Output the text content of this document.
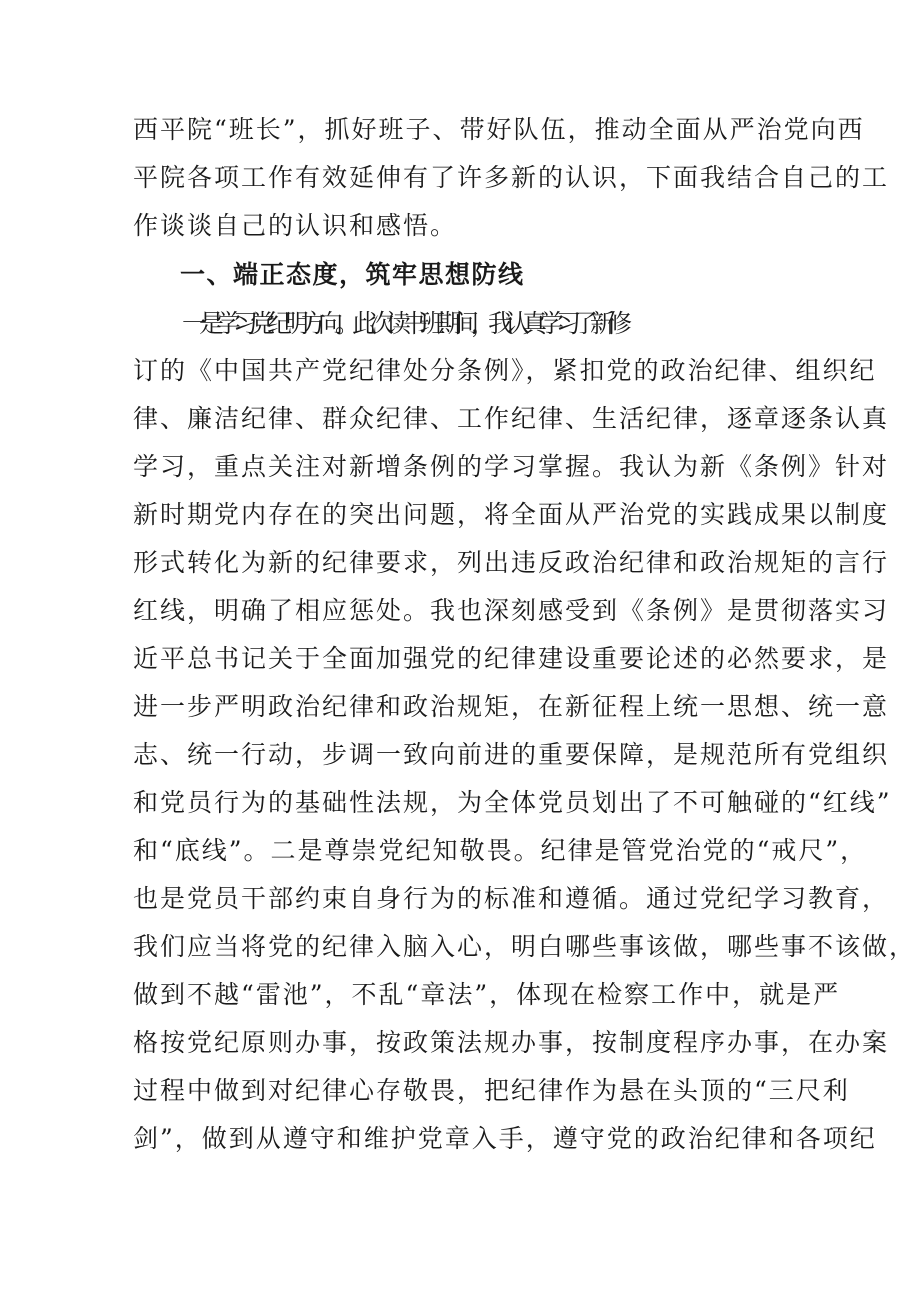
西平院“班长”，抓好班子、带好队伍，推动全面从严治党向西
平院各项工作有效延伸有了许多新的认识，下面我结合自己的工
作谈谈自己的认识和感悟。
一、端正态度，筑牢思想防线
一是学习党纪明方向。此次读书班期间，我认真学习了新修
订的《中国共产党纪律处分条例》，紧扣党的政治纪律、组织纪
律、廉洁纪律、群众纪律、工作纪律、生活纪律，逐章逐条认真
学习，重点关注对新增条例的学习掌握。我认为新《条例》针对
新时期党内存在的突出问题，将全面从严治党的实践成果以制度
形式转化为新的纪律要求，列出违反政治纪律和政治规矩的言行
红线，明确了相应惩处。我也深刻感受到《条例》是贯彻落实习
近平总书记关于全面加强党的纪律建设重要论述的必然要求，是
进一步严明政治纪律和政治规矩，在新征程上统一思想、统一意
志、统一行动，步调一致向前进的重要保障，是规范所有党组织
和党员行为的基础性法规，为全体党员划出了不可触碰的“红线”
和“底线”。二是尊崇党纪知敬畏。纪律是管党治党的“戒尺”，
也是党员干部约束自身行为的标准和遵循。通过党纪学习教育，
我们应当将党的纪律入脑入心，明白哪些事该做，哪些事不该做，
做到不越“雷池”，不乱“章法”，体现在检察工作中，就是严
格按党纪原则办事，按政策法规办事，按制度程序办事，在办案
过程中做到对纪律心存敬畏，把纪律作为悬在头顶的“三尺利
剑”，做到从遵守和维护党章入手，遵守党的政治纪律和各项纪
